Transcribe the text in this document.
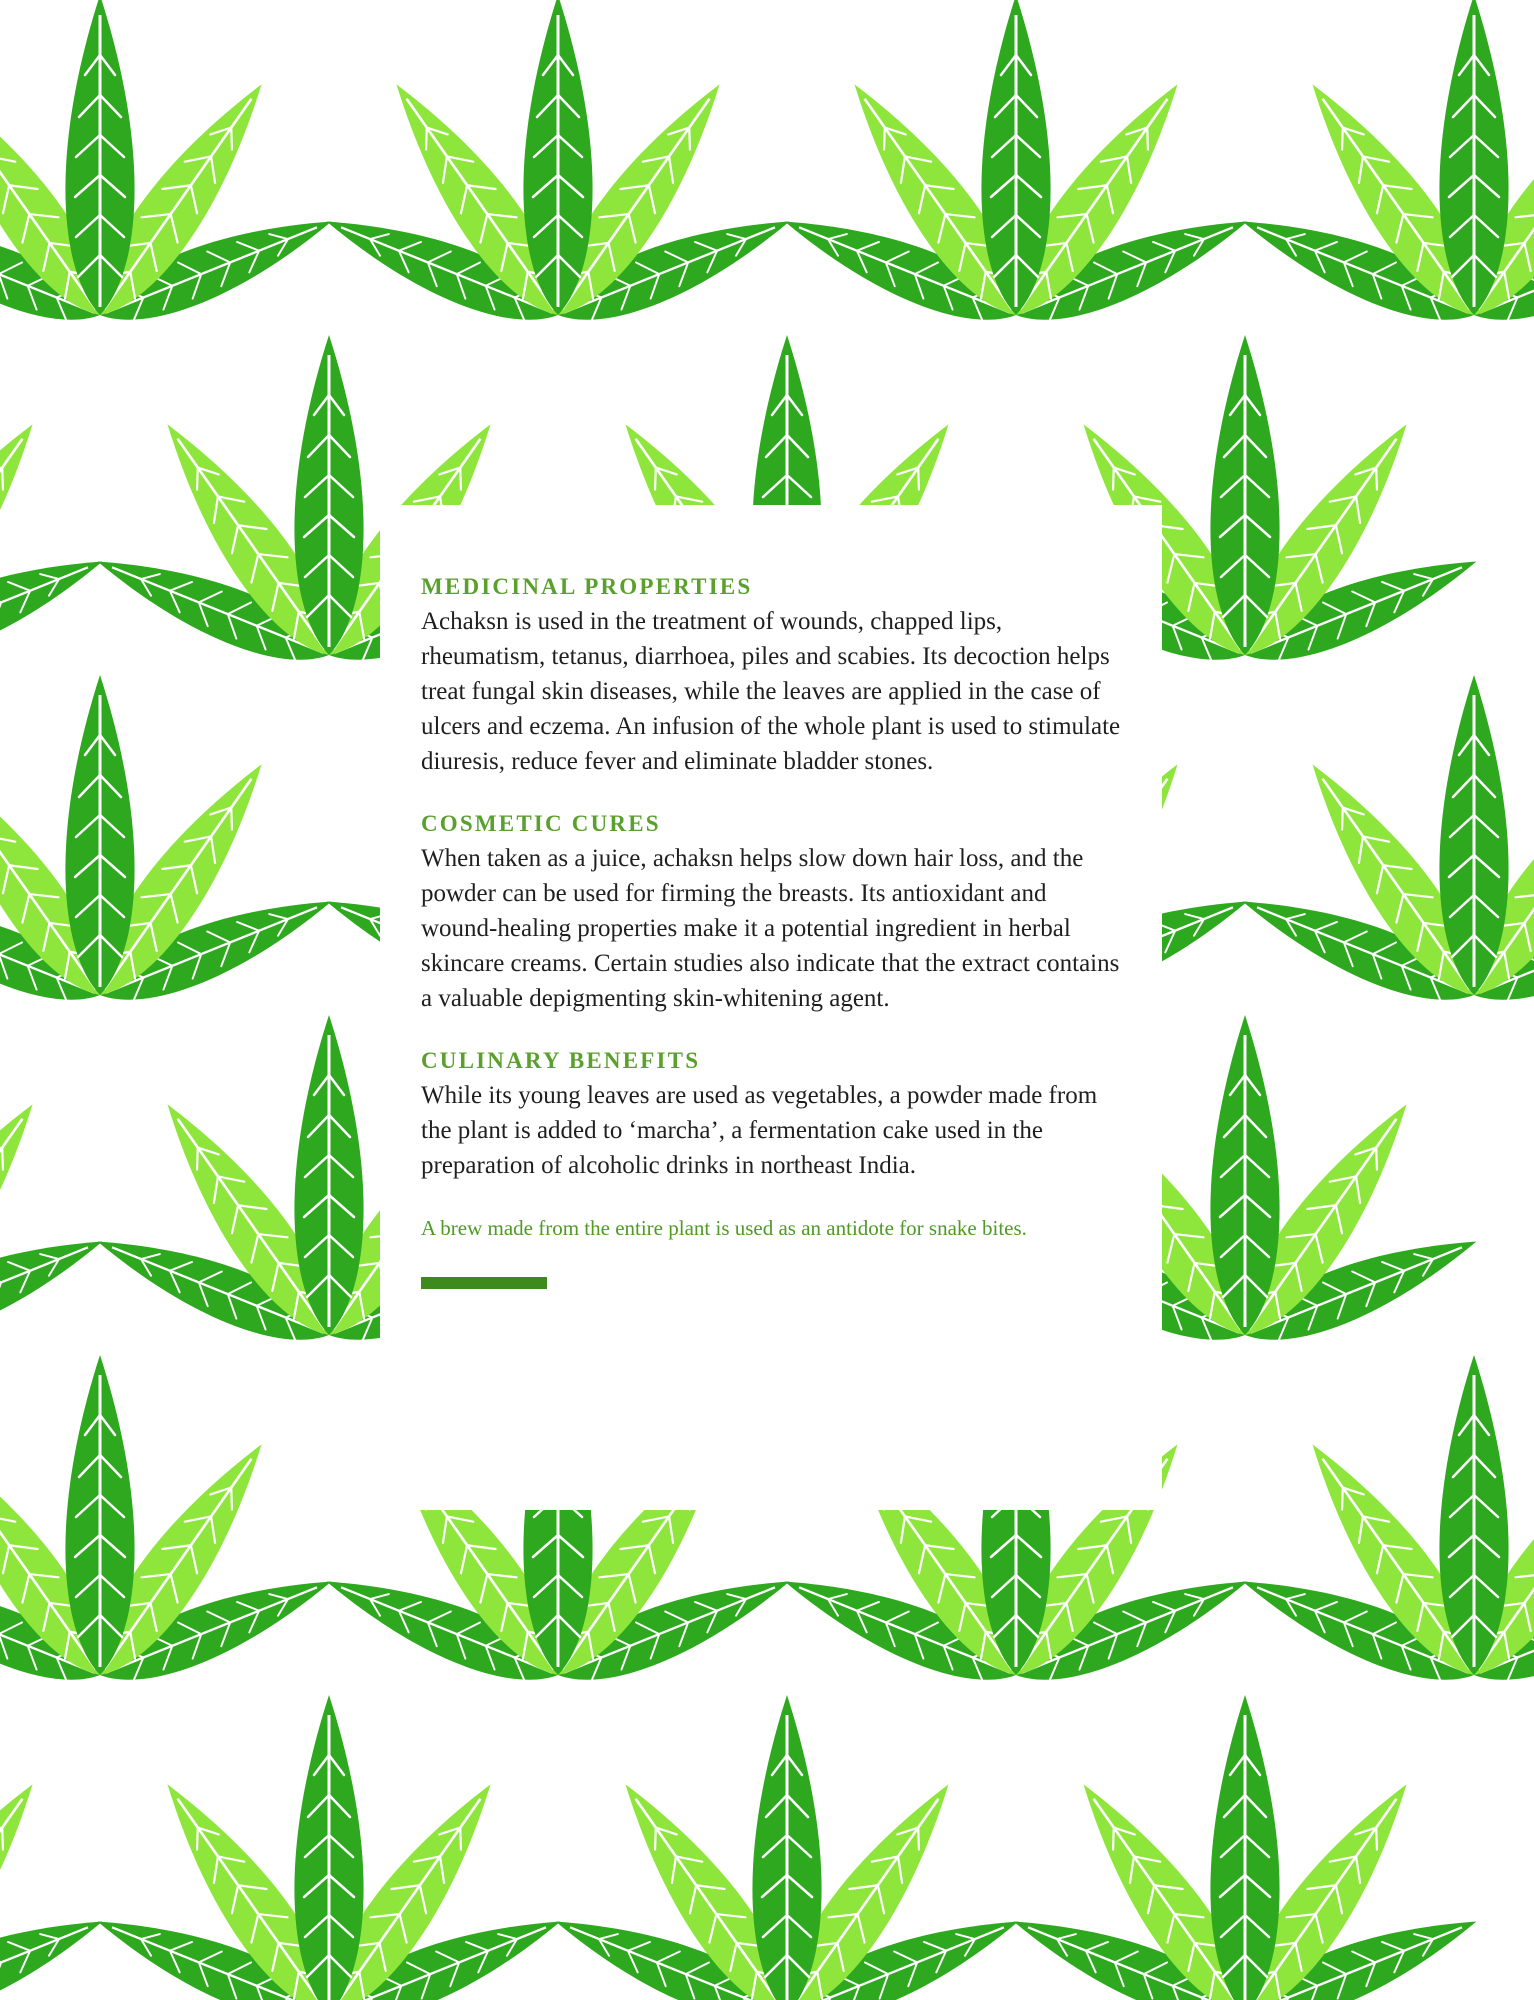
MEDICINAL PROPERTIES

Achaksn is used in the treatment of wounds, chapped lips, rheumatism, tetanus, diarrhoea, piles and scabies. Its decoction helps treat fungal skin diseases, while the leaves are applied in the case of ulcers and eczema. An infusion of the whole plant is used to stimulate diuresis, reduce fever and eliminate bladder stones.

COSMETIC CURES

When taken as a juice, achaksn helps slow down hair loss, and the powder can be used for firming the breasts. Its antioxidant and wound-healing properties make it a potential ingredient in herbal skincare creams. Certain studies also indicate that the extract contains a valuable depigmenting skin-whitening agent.

CULINARY BENEFITS

While its young leaves are used as vegetables, a powder made from the plant is added to ‘marcha’, a fermentation cake used in the preparation of alcoholic drinks in northeast India.

A brew made from the entire plant is used as an antidote for snake bites.
